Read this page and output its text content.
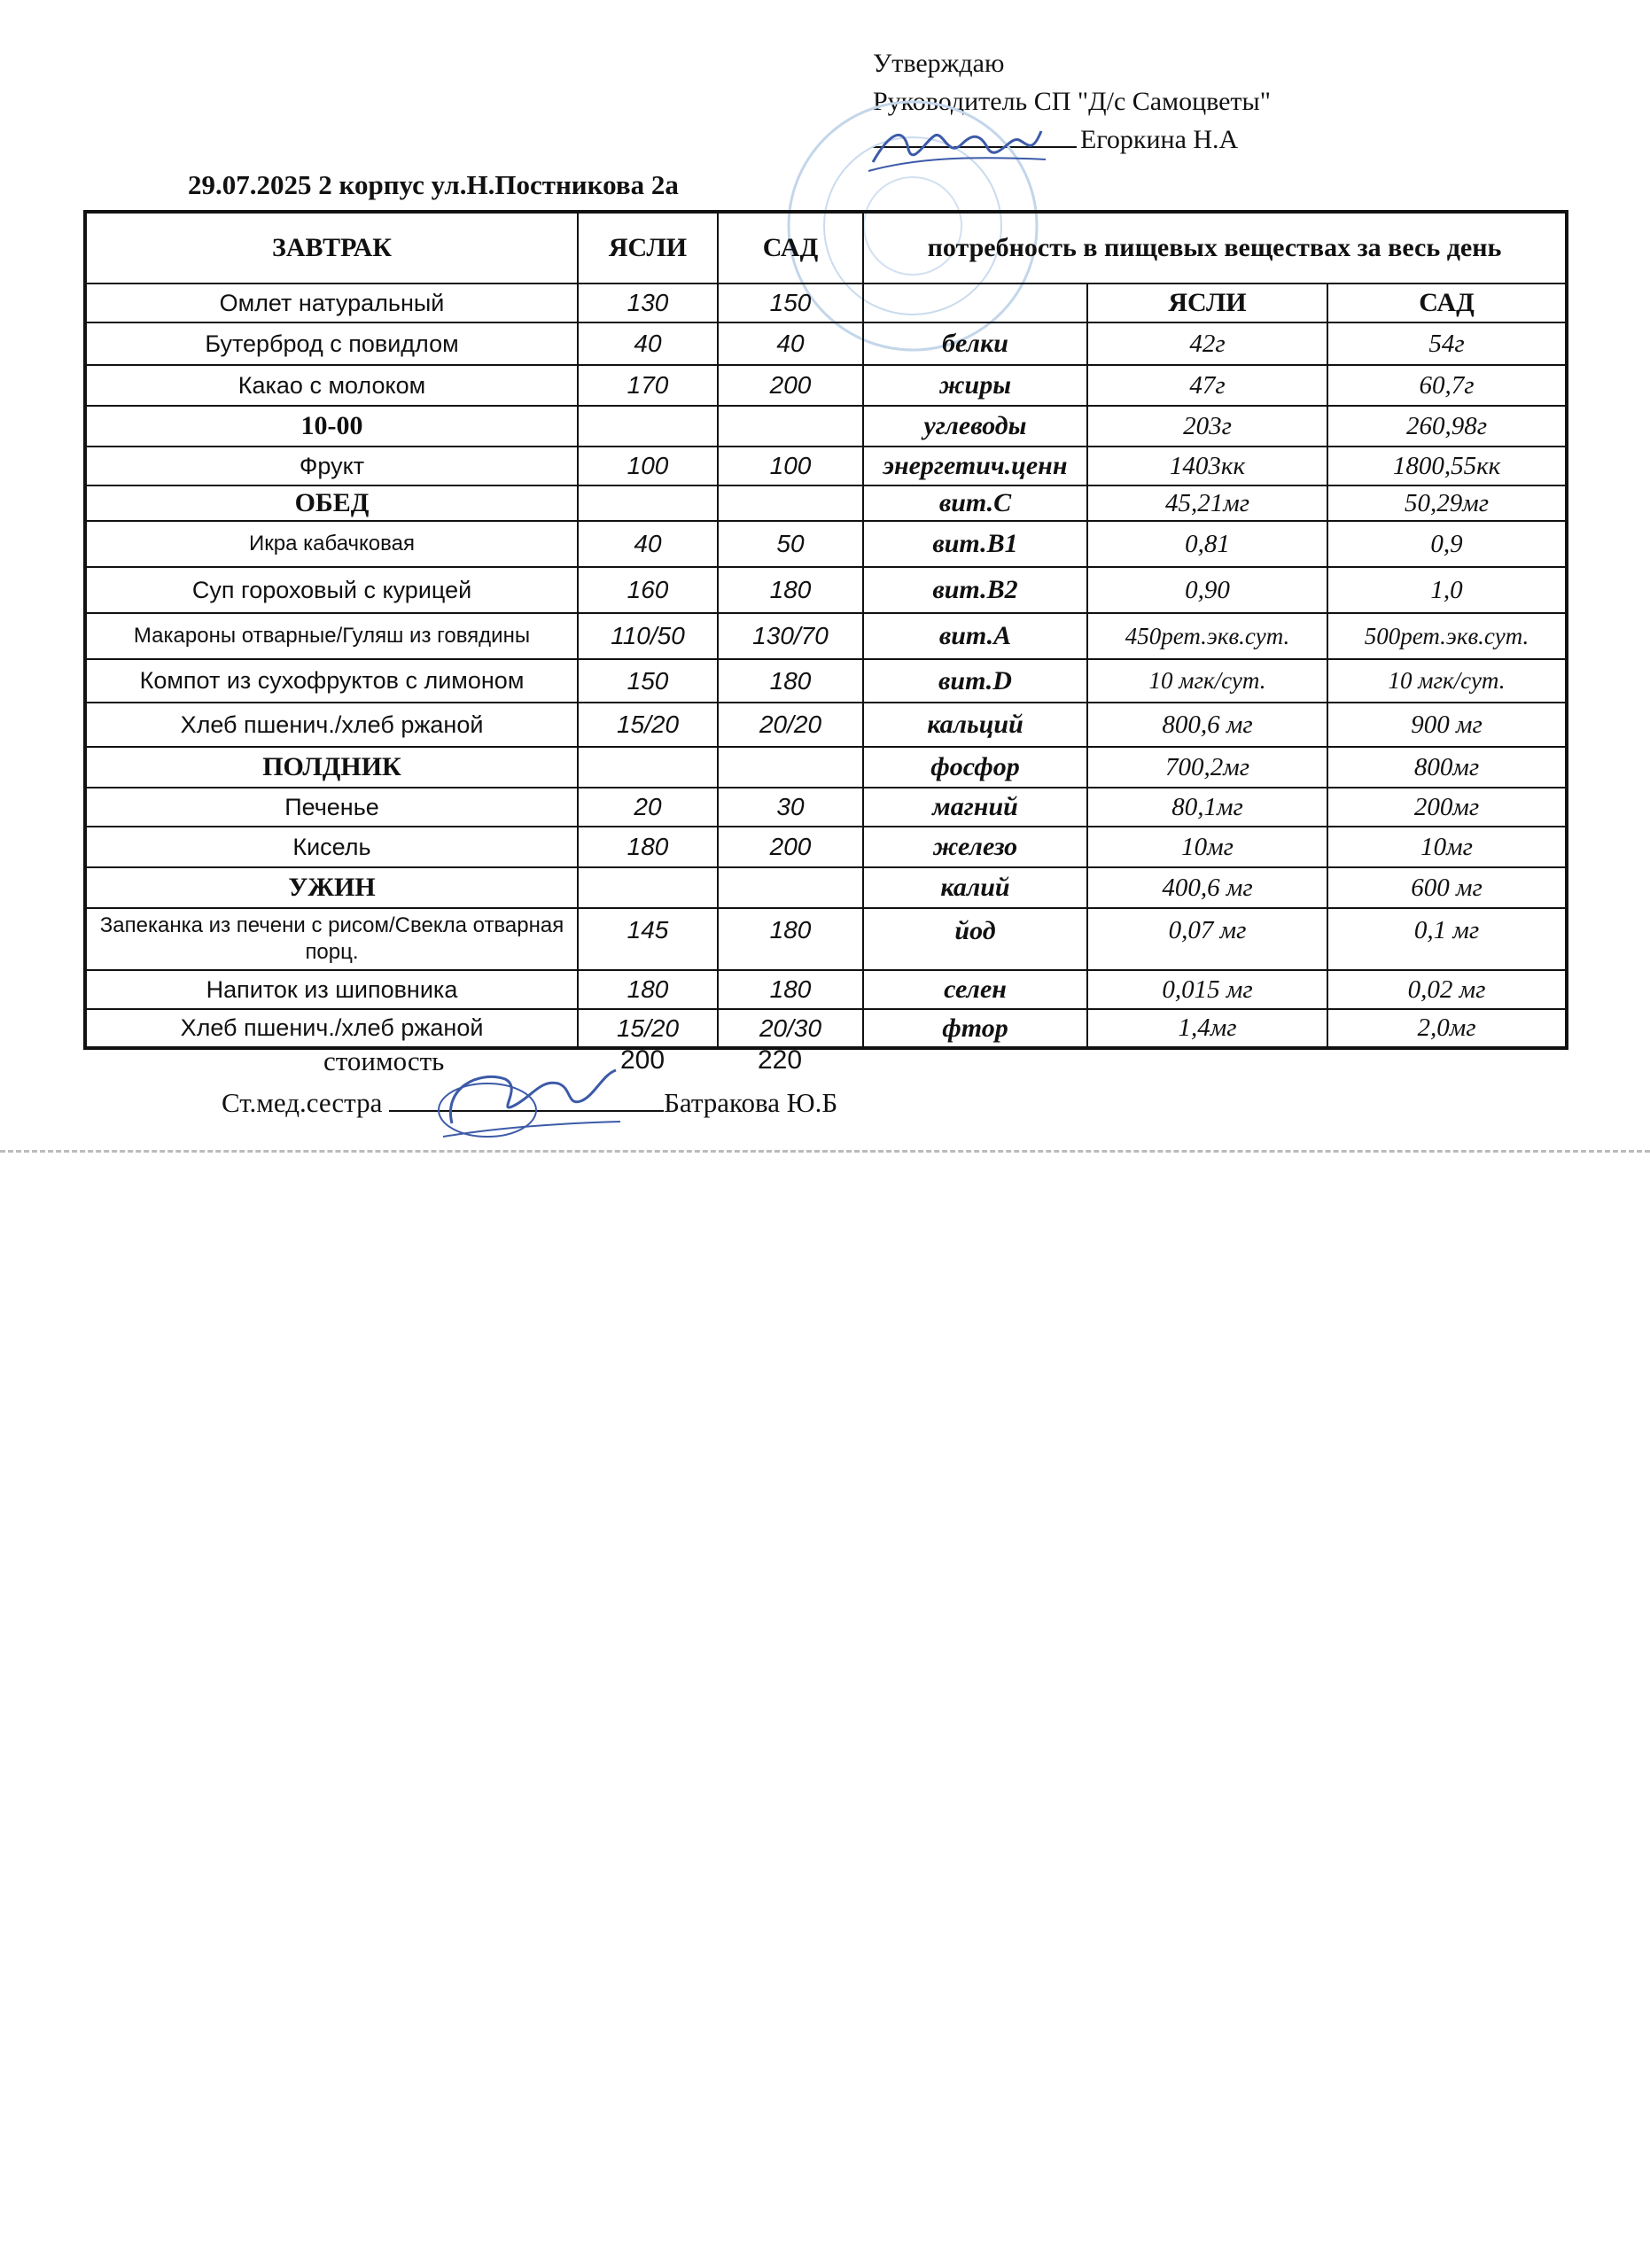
Утверждаю
Руководитель СП "Д/с Самоцветы"
Егоркина Н.А
29.07.2025 2 корпус ул.Н.Постникова 2а
ЗАВТРАК	ЯСЛИ	САД	потребность в пищевых веществах за весь день		
Омлет натуральный	130	150		ЯСЛИ	САД
Бутерброд с повидлом	40	40	белки	42г	54г
Какао с молоком	170	200	жиры	47г	60,7г
10-00			углеводы	203г	260,98г
Фрукт	100	100	энергетич.ценн	1403кк	1800,55кк
ОБЕД			вит.С	45,21мг	50,29мг
Икра кабачковая	40	50	вит.В1	0,81	0,9
Суп гороховый с курицей	160	180	вит.В2	0,90	1,0
Макароны отварные/Гуляш из говядины	110/50	130/70	вит.А	450рет.экв.сут.	500рет.экв.сут.
Компот из сухофруктов с лимоном	150	180	вит.D	10 мгк/сут.	10 мгк/сут.
Хлеб пшенич./хлеб ржаной	15/20	20/20	кальций	800,6 мг	900 мг
ПОЛДНИК			фосфор	700,2мг	800мг
Печенье	20	30	магний	80,1мг	200мг
Кисель	180	200	железо	10мг	10мг
УЖИН			калий	400,6 мг	600 мг
Запеканка из печени с рисом/Свекла отварная порц.	145	180	йод	0,07 мг	0,1 мг
Напиток из шиповника	180	180	селен	0,015 мг	0,02 мг
Хлеб пшенич./хлеб ржаной	15/20	20/30	фтор	1,4мг	2,0мг
стоимость	200	220
Ст.мед.сестра	Батракова Ю.Б
